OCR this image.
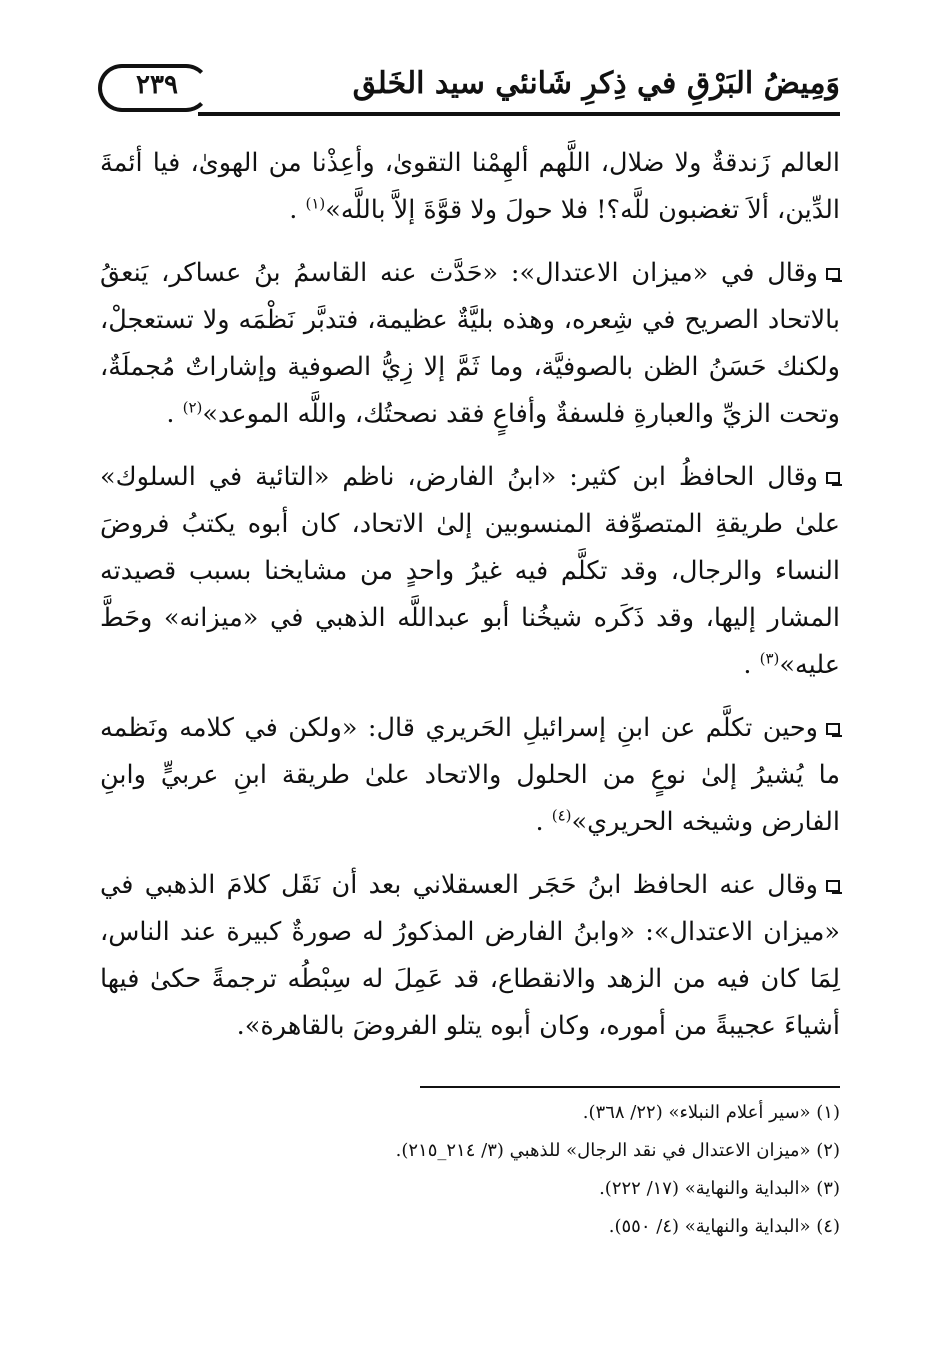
٢٣٩	وَمِيضُ البَرْقِ في ذِكرِ شَانئي سيد الخَلق

العالم زَندقةٌ ولا ضلال، اللَّهم ألهِمْنا التقوىٰ، وأعِذْنا من الهوىٰ، فيا أئمةَ الدِّين، ألاَ تغضبون للَّه؟! فلا حولَ ولا قوَّةَ إلاَّ باللَّه»$^{(١)}$ .

وقال في «ميزان الاعتدال»: «حَدَّث عنه القاسمُ بنُ عساكر، يَنعقُ بالاتحاد الصريح في شِعره، وهذه بليَّةٌ عظيمة، فتدبَّر نَظْمَه ولا تستعجلْ، ولكنك حَسَنُ الظن بالصوفيَّة، وما ثَمَّ إلا زِيُّ الصوفية وإشاراتٌ مُجملَةٌ، وتحت الزيِّ والعبارةِ فلسفةٌ وأفاعٍ فقد نصحتُك، واللَّه الموعد»$^{(٢)}$ .

وقال الحافظُ ابن كثير: «ابنُ الفارض، ناظم «التائية في السلوك» علىٰ طريقةِ المتصوِّفة المنسوبين إلىٰ الاتحاد، كان أبوه يكتبُ فروضَ النساء والرجال، وقد تكلَّم فيه غيرُ واحدٍ من مشايخنا بسبب قصيدته المشار إليها، وقد ذَكَره شيخُنا أبو عبداللَّه الذهبي في «ميزانه» وحَطَّ عليه»$^{(٣)}$ .

وحين تكلَّم عن ابنِ إسرائيلِ الحَريري قال: «ولكن في كلامه ونَظمه ما يُشيرُ إلىٰ نوعٍ من الحلول والاتحاد علىٰ طريقة ابنِ عربيٍّ وابنِ الفارض وشيخه الحريري»$^{(٤)}$ .

وقال عنه الحافظ ابنُ حَجَر العسقلاني بعد أن نَقَل كلامَ الذهبي في «ميزان الاعتدال»: «وابنُ الفارض المذكورُ له صورةٌ كبيرة عند الناس، لِمَا كان فيه من الزهد والانقطاع، قد عَمِلَ له سِبْطُه ترجمةً حكىٰ فيها أشياءَ عجيبةً من أموره، وكان أبوه يتلو الفروضَ بالقاهرة».

(١) «سير أعلام النبلاء» (٢٢/ ٣٦٨).

(٢) «ميزان الاعتدال في نقد الرجال» للذهبي (٣/ ٢١٤_٢١٥).

(٣) «البداية والنهاية» (١٧/ ٢٢٢).

(٤) «البداية والنهاية» (٤/ ٥٥٠).
